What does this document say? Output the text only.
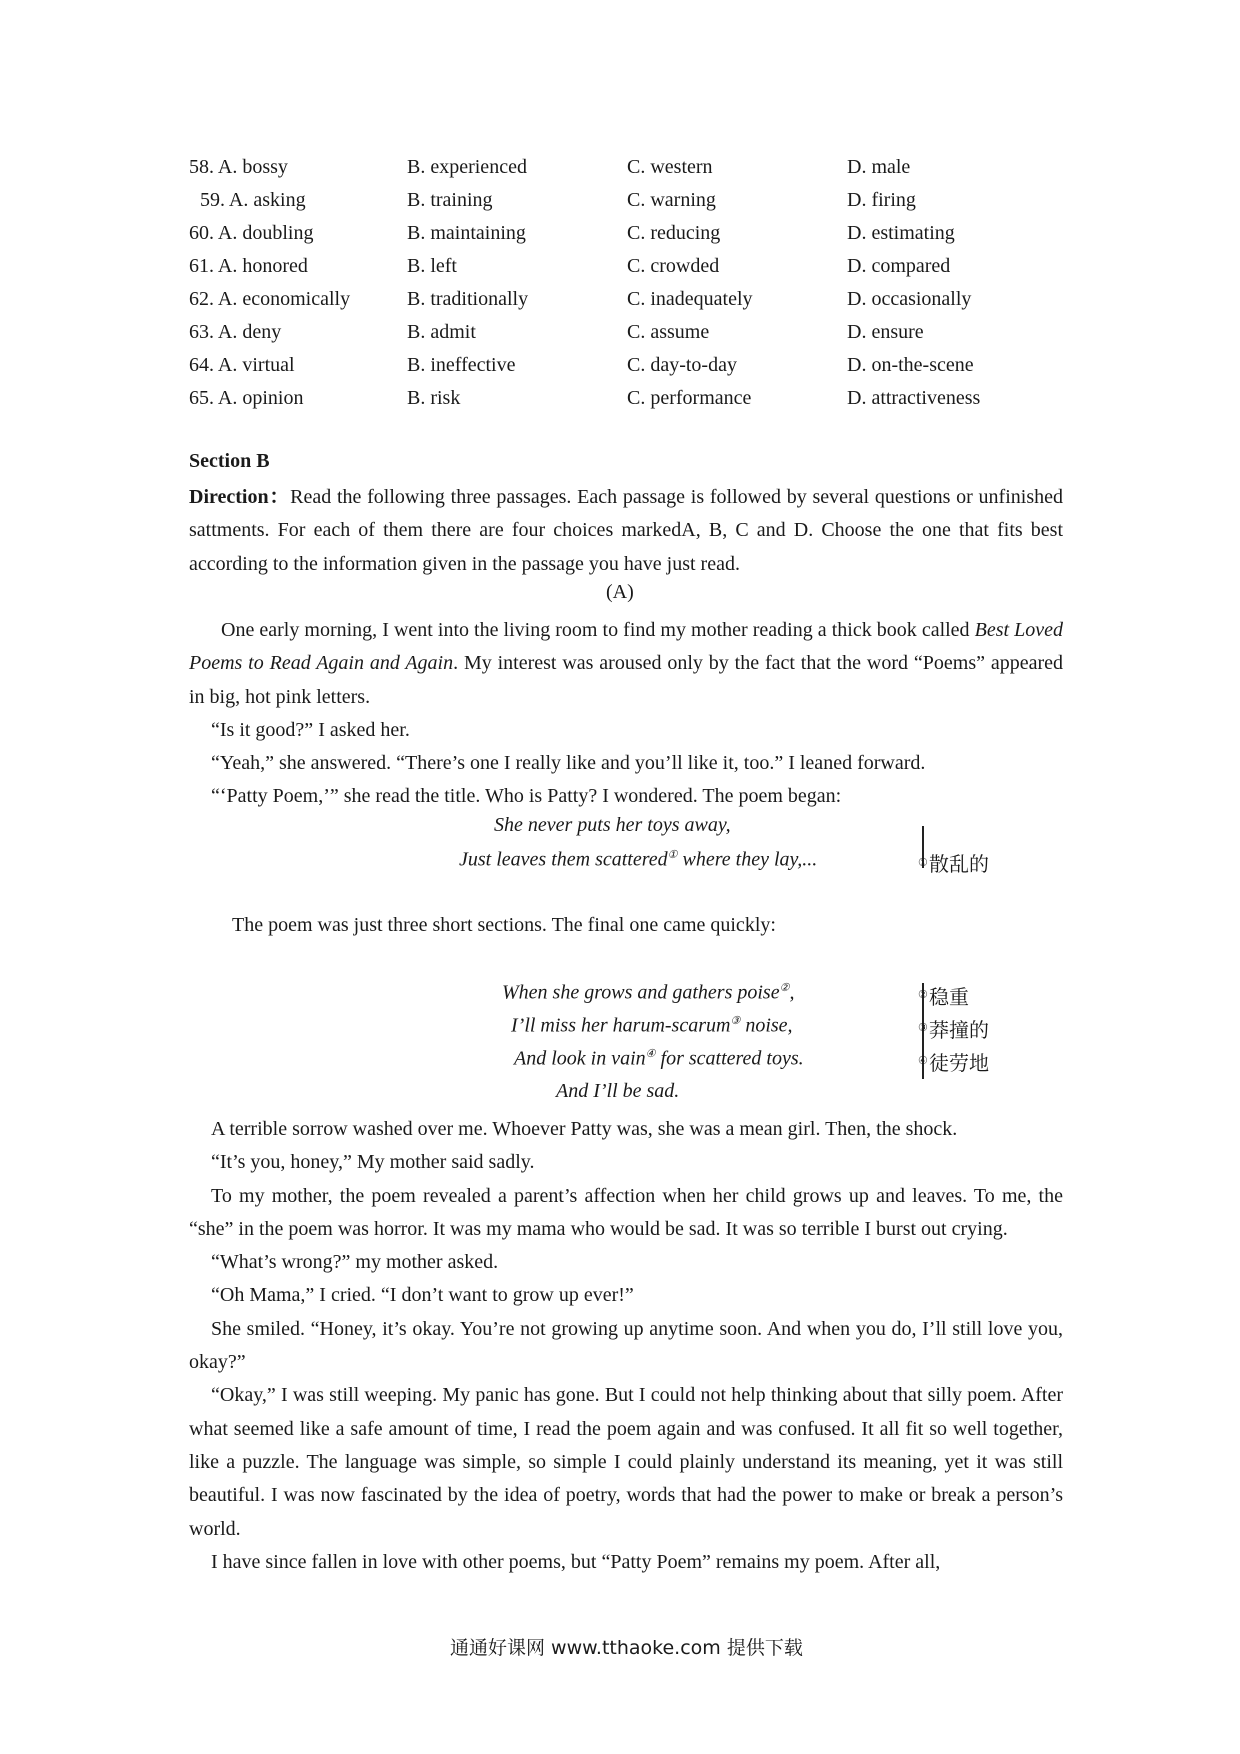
58. A. bossy	B. experienced	C. western	D. male
59. A. asking	B. training	C. warning	D. firing
60. A. doubling	B. maintaining	C. reducing	D. estimating
61. A. honored	B. left	C. crowded	D. compared
62. A. economically	B. traditionally	C. inadequately	D. occasionally
63. A. deny	B. admit	C. assume	D. ensure
64. A. virtual	B. ineffective	C. day-to-day	D. on-the-scene
65. A. opinion	B. risk	C. performance	D. attractiveness
Section B

Direction：Read the following three passages. Each passage is followed by several questions or unfinished sattments. For each of them there are four choices markedA, B, C and D. Choose the one that fits best according to the information given in the passage you have just read.

(A)

One early morning, I went into the living room to find my mother reading a thick book called Best Loved Poems to Read Again and Again. My interest was aroused only by the fact that the word “Poems” appeared in big, hot pink letters.

“Is it good?” I asked her.

“Yeah,” she answered. “There’s one I really like and you’ll like it, too.” I leaned forward.

“‘Patty Poem,’” she read the title. Who is Patty? I wondered. The poem began:

She never puts her toys away,
Just leaves them scattered① where they lay,...	① 散乱的
The poem was just three short sections. The final one came quickly:
When she grows and gathers poise②,
I’ll miss her harum-scarum③ noise,
And look in vain④ for scattered toys.
And I’ll be sad.
② 稳重
③ 莽撞的
④ 徒劳地

A terrible sorrow washed over me. Whoever Patty was, she was a mean girl. Then, the shock.

“It’s you, honey,” My mother said sadly.

To my mother, the poem revealed a parent’s affection when her child grows up and leaves. To me, the “she” in the poem was horror. It was my mama who would be sad. It was so terrible I burst out crying.

“What’s wrong?” my mother asked.

“Oh Mama,” I cried. “I don’t want to grow up ever!”

She smiled. “Honey, it’s okay. You’re not growing up anytime soon. And when you do, I’ll still love you, okay?”

“Okay,” I was still weeping. My panic has gone. But I could not help thinking about that silly poem. After what seemed like a safe amount of time, I read the poem again and was confused. It all fit so well together, like a puzzle. The language was simple, so simple I could plainly understand its meaning, yet it was still beautiful. I was now fascinated by the idea of poetry, words that had the power to make or break a person’s world.

I have since fallen in love with other poems, but “Patty Poem” remains my poem. After all,

通通好课网 www.tthaoke.com 提供下载
